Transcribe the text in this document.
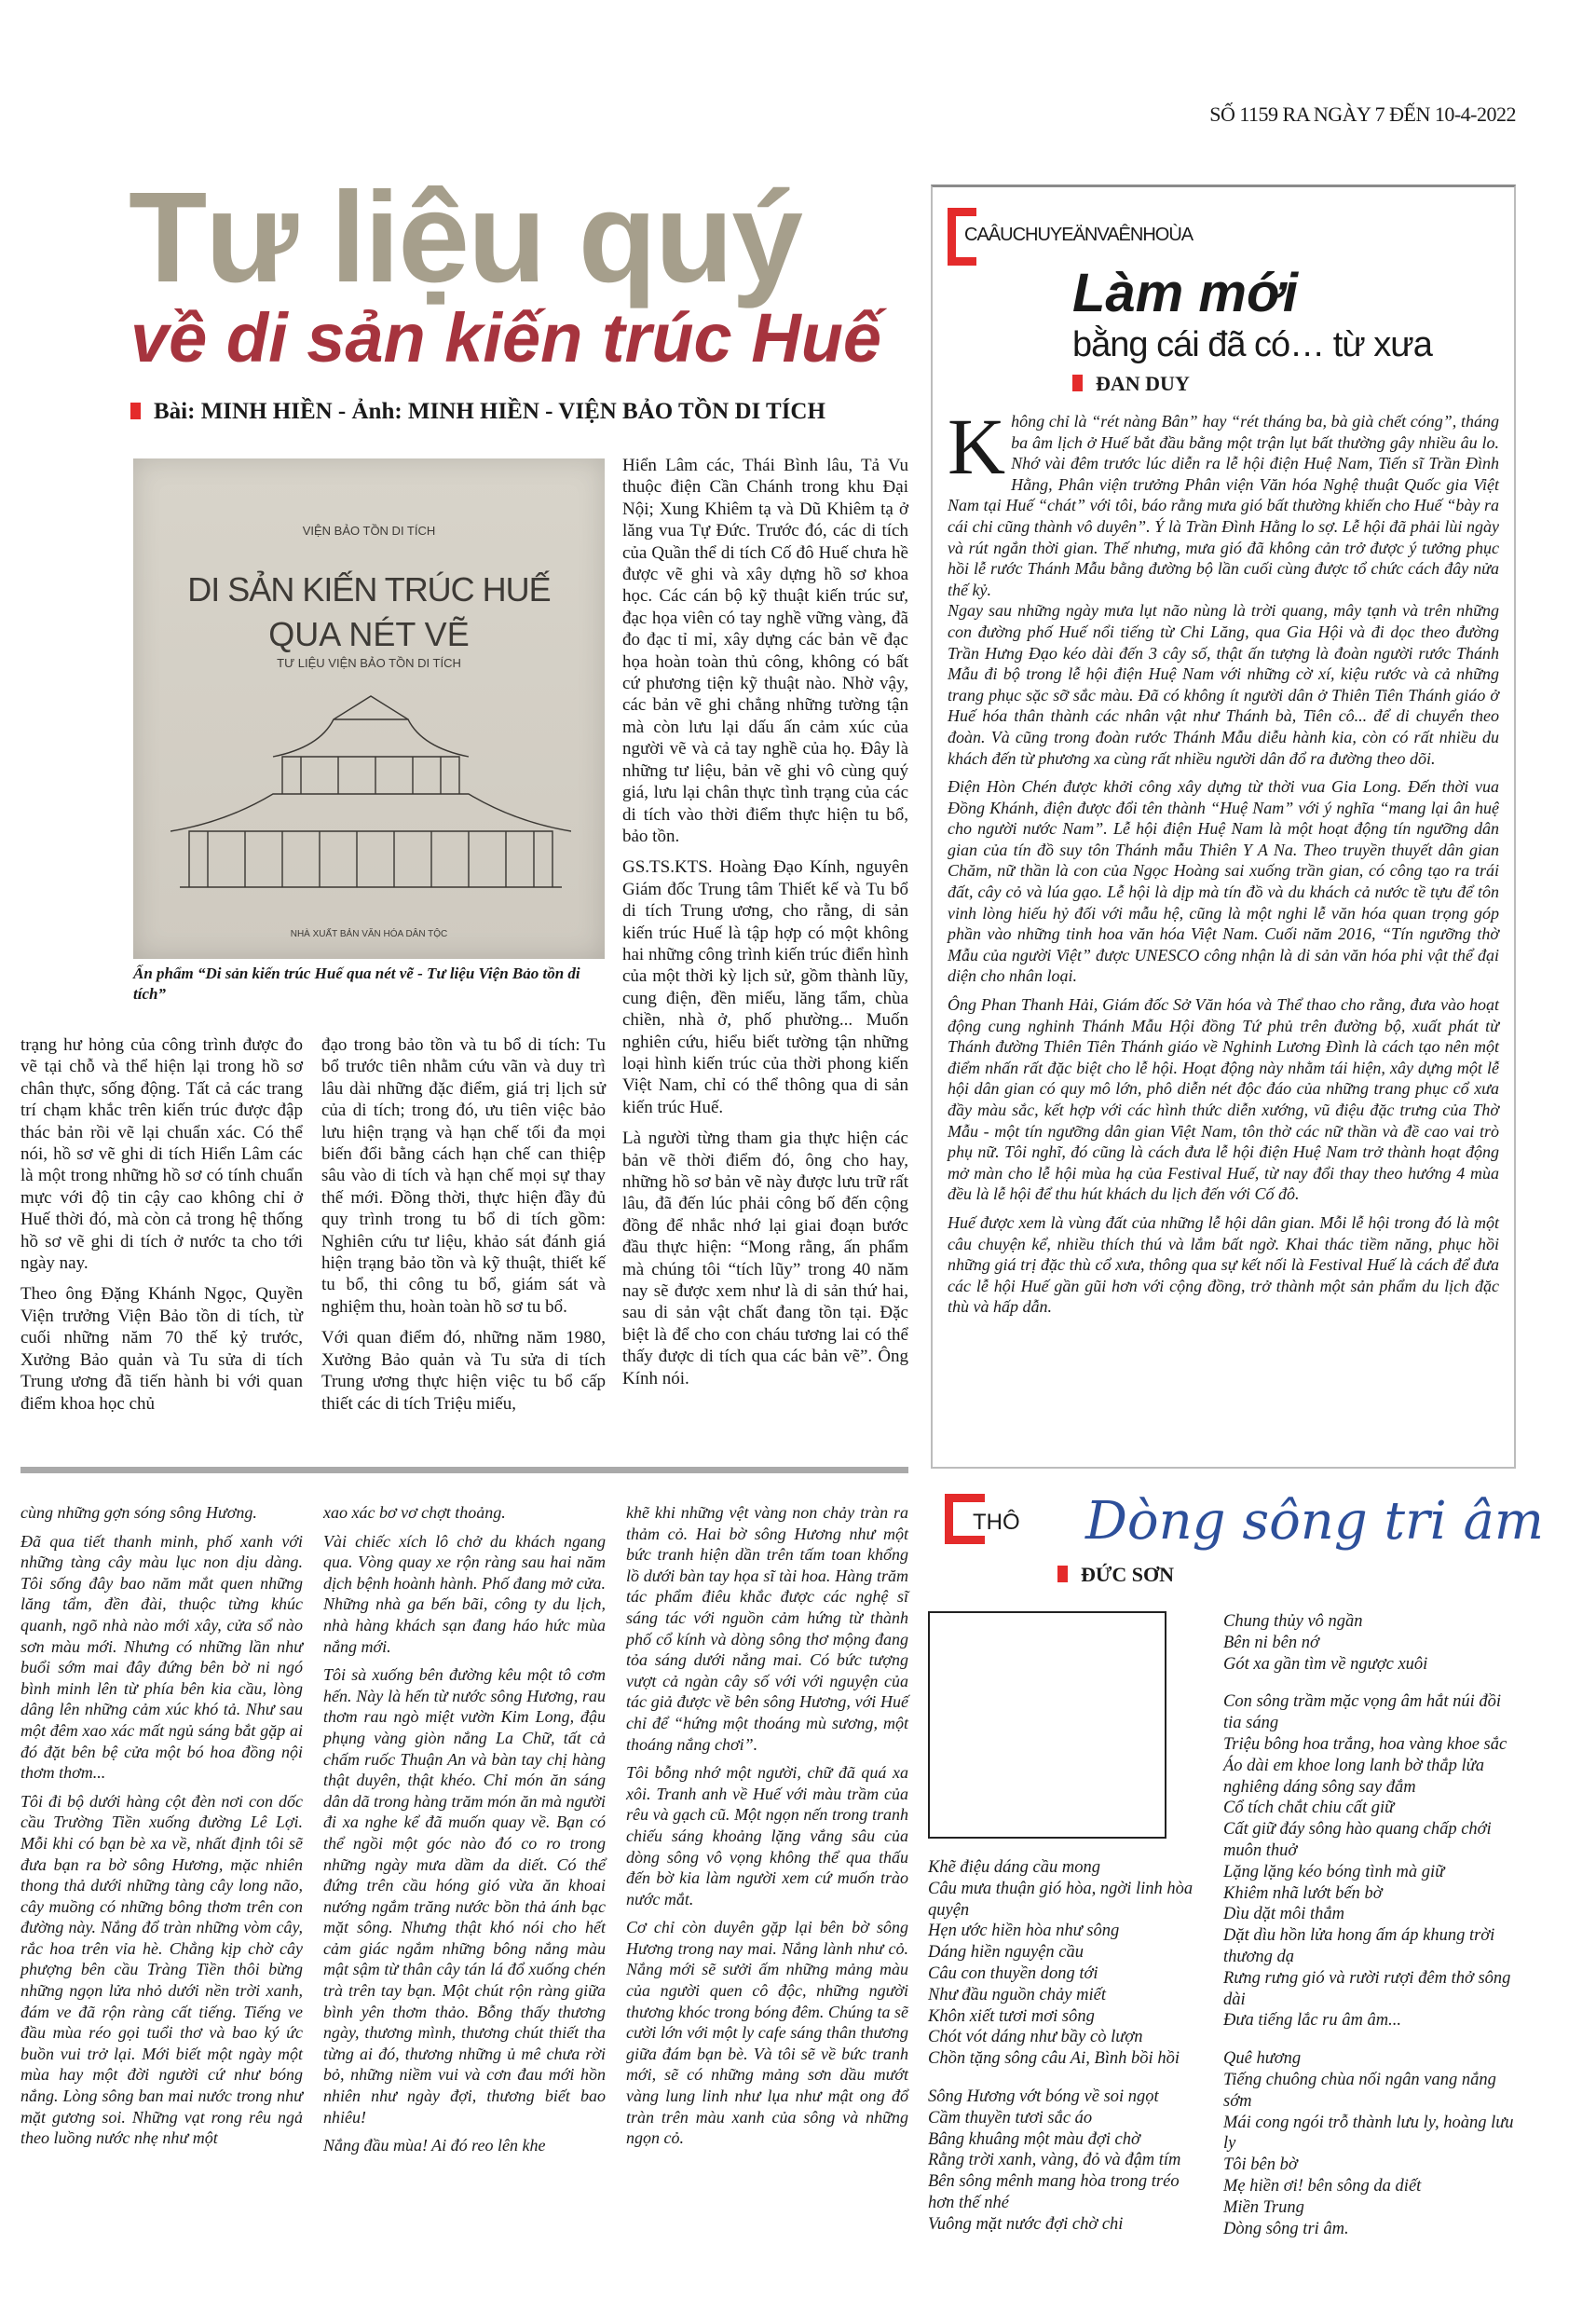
SỐ 1159 RA NGÀY 7 ĐẾN 10-4-2022
Tư liệu quý
về di sản kiến trúc Huế
Bài: MINH HIỀN - Ảnh: MINH HIỀN - VIỆN BẢO TỒN DI TÍCH
VIỆN BẢO TỒN DI TÍCH
DI SẢN KIẾN TRÚC HUẾ
QUA NÉT VẼ
TƯ LIỆU VIỆN BẢO TỒN DI TÍCH
NHÀ XUẤT BẢN VĂN HÓA DÂN TỘC
Ấn phẩm “Di sản kiến trúc Huế qua nét vẽ - Tư liệu Viện Bảo tồn di tích”

Hiển Lâm các, Thái Bình lâu, Tả Vu thuộc điện Cần Chánh trong khu Đại Nội; Xung Khiêm tạ và Dũ Khiêm tạ ở lăng vua Tự Đức. Trước đó, các di tích của Quần thể di tích Cố đô Huế chưa hề được vẽ ghi và xây dựng hồ sơ khoa học. Các cán bộ kỹ thuật kiến trúc sư, đạc họa viên có tay nghề vững vàng, đã đo đạc tỉ mỉ, xây dựng các bản vẽ đạc họa hoàn toàn thủ công, không có bất cứ phương tiện kỹ thuật nào. Nhờ vậy, các bản vẽ ghi chẳng những tường tận mà còn lưu lại dấu ấn cảm xúc của người vẽ và cả tay nghề của họ. Đây là những tư liệu, bản vẽ ghi vô cùng quý giá, lưu lại chân thực tình trạng của các di tích vào thời điểm thực hiện tu bổ, bảo tồn.

GS.TS.KTS. Hoàng Đạo Kính, nguyên Giám đốc Trung tâm Thiết kế và Tu bổ di tích Trung ương, cho rằng, di sản kiến trúc Huế là tập hợp có một không hai những công trình kiến trúc điển hình của một thời kỳ lịch sử, gồm thành lũy, cung điện, đền miếu, lăng tẩm, chùa chiền, nhà ở, phố phường... Muốn nghiên cứu, hiểu biết tường tận những loại hình kiến trúc của thời phong kiến Việt Nam, chỉ có thể thông qua di sản kiến trúc Huế.

Là người từng tham gia thực hiện các bản vẽ thời điểm đó, ông cho hay, những hồ sơ bản vẽ này được lưu trữ rất lâu, đã đến lúc phải công bố đến cộng đồng để nhắc nhớ lại giai đoạn bước đầu thực hiện: “Mong rằng, ấn phẩm mà chúng tôi “tích lũy” trong 40 năm nay sẽ được xem như là di sản thứ hai, sau di sản vật chất đang tồn tại. Đặc biệt là để cho con cháu tương lai có thể thấy được di tích qua các bản vẽ”. Ông Kính nói.

trạng hư hỏng của công trình được đo vẽ tại chỗ và thể hiện lại trong hồ sơ chân thực, sống động. Tất cả các trang trí chạm khắc trên kiến trúc được đập thác bản rồi vẽ lại chuẩn xác. Có thể nói, hồ sơ vẽ ghi di tích Hiển Lâm các là một trong những hồ sơ có tính chuẩn mực với độ tin cậy cao không chỉ ở Huế thời đó, mà còn cả trong hệ thống hồ sơ vẽ ghi di tích ở nước ta cho tới ngày nay.

Theo ông Đặng Khánh Ngọc, Quyền Viện trưởng Viện Bảo tồn di tích, từ cuối những năm 70 thế kỷ trước, Xưởng Bảo quản và Tu sửa di tích Trung ương đã tiến hành bi với quan điểm khoa học chủ

đạo trong bảo tồn và tu bổ di tích: Tu bổ trước tiên nhằm cứu vãn và duy trì lâu dài những đặc điểm, giá trị lịch sử của di tích; trong đó, ưu tiên việc bảo lưu hiện trạng và hạn chế tối đa mọi biến đổi bằng cách hạn chế can thiệp sâu vào di tích và hạn chế mọi sự thay thế mới. Đồng thời, thực hiện đầy đủ quy trình trong tu bổ di tích gồm: Nghiên cứu tư liệu, khảo sát đánh giá hiện trạng bảo tồn và kỹ thuật, thiết kế tu bổ, thi công tu bổ, giám sát và nghiệm thu, hoàn toàn hồ sơ tu bổ.

Với quan điểm đó, những năm 1980, Xưởng Bảo quản và Tu sửa di tích Trung ương thực hiện việc tu bổ cấp thiết các di tích Triệu miếu,

CAÂUCHUYEÄNVAÊNHOÙA
Làm mới
bằng cái đã có… từ xưa
ĐAN DUY
K hông chỉ là “rét nàng Bân” hay “rét tháng ba, bà già chết cóng”, tháng ba âm lịch ở Huế bắt đầu bằng một trận lụt bất thường gây nhiều âu lo. Nhớ vài đêm trước lúc diễn ra lễ hội điện Huệ Nam, Tiến sĩ Trần Đình Hằng, Phân viện trưởng Phân viện Văn hóa Nghệ thuật Quốc gia Việt Nam tại Huế “chát” với tôi, báo rằng mưa gió bất thường khiến cho Huế “bày ra cái chi cũng thành vô duyên”. Ý là Trần Đình Hằng lo sợ. Lễ hội đã phải lùi ngày và rút ngắn thời gian. Thế nhưng, mưa gió đã không cản trở được ý tưởng phục hồi lễ rước Thánh Mẫu bằng đường bộ lần cuối cùng được tổ chức cách đây nửa thế kỷ.

Ngay sau những ngày mưa lụt não nùng là trời quang, mây tạnh và trên những con đường phố Huế nổi tiếng từ Chi Lăng, qua Gia Hội và đi dọc theo đường Trần Hưng Đạo kéo dài đến 3 cây số, thật ấn tượng là đoàn người rước Thánh Mẫu đi bộ trong lễ hội điện Huệ Nam với những cờ xí, kiệu rước và cả những trang phục sặc sỡ sắc màu. Đã có không ít người dân ở Thiên Tiên Thánh giáo ở Huế hóa thân thành các nhân vật như Thánh bà, Tiên cô... để di chuyển theo đoàn. Và cũng trong đoàn rước Thánh Mẫu diễu hành kia, còn có rất nhiều du khách đến từ phương xa cùng rất nhiều người dân đổ ra đường theo dõi.

Điện Hòn Chén được khởi công xây dựng từ thời vua Gia Long. Đến thời vua Đồng Khánh, điện được đổi tên thành “Huệ Nam” với ý nghĩa “mang lại ân huệ cho người nước Nam”. Lễ hội điện Huệ Nam là một hoạt động tín ngưỡng dân gian của tín đồ suy tôn Thánh mẫu Thiên Y A Na. Theo truyền thuyết dân gian Chăm, nữ thần là con của Ngọc Hoàng sai xuống trần gian, có công tạo ra trái đất, cây cỏ và lúa gạo. Lễ hội là dịp mà tín đồ và du khách cả nước tề tựu để tôn vinh lòng hiếu hỷ đối với mẫu hệ, cũng là một nghi lễ văn hóa quan trọng góp phần vào những tinh hoa văn hóa Việt Nam. Cuối năm 2016, “Tín ngưỡng thờ Mẫu của người Việt” được UNESCO công nhận là di sản văn hóa phi vật thể đại diện cho nhân loại.

Ông Phan Thanh Hải, Giám đốc Sở Văn hóa và Thể thao cho rằng, đưa vào hoạt động cung nghinh Thánh Mẫu Hội đồng Tứ phủ trên đường bộ, xuất phát từ Thánh đường Thiên Tiên Thánh giáo về Nghinh Lương Đình là cách tạo nên một điểm nhấn rất đặc biệt cho lễ hội. Hoạt động này nhằm tái hiện, xây dựng một lễ hội dân gian có quy mô lớn, phô diễn nét độc đáo của những trang phục cổ xưa đầy màu sắc, kết hợp với các hình thức diễn xướng, vũ điệu đặc trưng của Thờ Mẫu - một tín ngưỡng dân gian Việt Nam, tôn thờ các nữ thần và đề cao vai trò phụ nữ. Tôi nghĩ, đó cũng là cách đưa lễ hội điện Huệ Nam trở thành hoạt động mở màn cho lễ hội mùa hạ của Festival Huế, từ nay đổi thay theo hướng 4 mùa đều là lễ hội để thu hút khách du lịch đến với Cố đô.

Huế được xem là vùng đất của những lễ hội dân gian. Mỗi lễ hội trong đó là một câu chuyện kể, nhiều thích thú và lắm bất ngờ. Khai thác tiềm năng, phục hồi những giá trị đặc thù cổ xưa, thông qua sự kết nối là Festival Huế là cách để đưa các lễ hội Huế gần gũi hơn với cộng đồng, trở thành một sản phẩm du lịch đặc thù và hấp dẫn.

cùng những gợn sóng sông Hương.

Đã qua tiết thanh minh, phố xanh với những tàng cây màu lục non dịu dàng. Tôi sống đây bao năm mắt quen những lăng tẩm, đền đài, thuộc từng khúc quanh, ngõ nhà nào mới xây, cửa sổ nào sơn màu mới. Nhưng có những lần như buổi sớm mai đây đứng bên bờ ni ngó bình minh lên từ phía bên kia cầu, lòng dâng lên những cảm xúc khó tả. Như sau một đêm xao xác mất ngủ sáng bắt gặp ai đó đặt bên bệ cửa một bó hoa đồng nội thơm thơm...

Tôi đi bộ dưới hàng cột đèn nơi con dốc cầu Trường Tiền xuống đường Lê Lợi. Mỗi khi có bạn bè xa về, nhất định tôi sẽ đưa bạn ra bờ sông Hương, mặc nhiên thong thả dưới những tàng cây long não, cây muồng có những bông thơm trên con đường này. Nắng đổ tràn những vòm cây, rắc hoa trên vỉa hè. Chẳng kịp chờ cây phượng bên cầu Tràng Tiền thôi bừng những ngọn lửa nhỏ dưới nền trời xanh, đám ve đã rộn ràng cất tiếng. Tiếng ve đầu mùa réo gọi tuổi thơ và bao ký ức buồn vui trở lại. Mới biết một ngày một mùa hay một đời người cứ như bóng nắng. Lòng sông ban mai nước trong như mặt gương soi. Những vạt rong rêu ngả theo luồng nước nhẹ như một

xao xác bơ vơ chợt thoảng.

Vài chiếc xích lô chở du khách ngang qua. Vòng quay xe rộn ràng sau hai năm dịch bệnh hoành hành. Phố đang mở cửa. Những nhà ga bến bãi, công ty du lịch, nhà hàng khách sạn đang háo hức mùa nắng mới.

Tôi sà xuống bên đường kêu một tô cơm hến. Này là hến từ nước sông Hương, rau thơm rau ngò miệt vườn Kim Long, đậu phụng vàng giòn nắng La Chữ, tất cả chấm ruốc Thuận An và bàn tay chị hàng thật duyên, thật khéo. Chỉ món ăn sáng dân dã trong hàng trăm món ăn mà người đi xa nghe kể đã muốn quay về. Bạn có thể ngồi một góc nào đó co ro trong những ngày mưa dầm da diết. Có thể đứng trên cầu hóng gió vừa ăn khoai nướng ngắm trăng nước bồn thả ánh bạc mặt sông. Nhưng thật khó nói cho hết cảm giác ngắm những bông nắng màu mật sậm từ thân cây tán lá đổ xuống chén trà trên tay bạn. Một chút rộn ràng giữa bình yên thơm thảo. Bỗng thấy thương ngày, thương mình, thương chút thiết tha từng ai đó, thương những ủ mê chưa rời bỏ, những niềm vui và cơn đau mới hồn nhiên như ngày đợi, thương biết bao nhiêu!

Nắng đầu mùa! Ai đó reo lên khe

khẽ khi những vệt vàng non chảy tràn ra thảm cỏ. Hai bờ sông Hương như một bức tranh hiện dần trên tấm toan khổng lồ dưới bàn tay họa sĩ tài hoa. Hàng trăm tác phẩm điêu khắc được các nghệ sĩ sáng tác với nguồn cảm hứng từ thành phố cổ kính và dòng sông thơ mộng đang tỏa sáng dưới nắng mai. Có bức tượng vượt cả ngàn cây số với với nguyện của tác giả được về bên sông Hương, với Huế chỉ để “hứng một thoáng mù sương, một thoáng nắng chơi”.

Tôi bỗng nhớ một người, chữ đã quá xa xôi. Tranh anh về Huế với màu trầm của rêu và gạch cũ. Một ngọn nến trong tranh chiếu sáng khoảng lặng vắng sâu của dòng sông vô vọng không thể qua thấu đến bờ kia làm người xem cứ muốn trào nước mắt.

Cơ chỉ còn duyên gặp lại bên bờ sông Hương trong nay mai. Nắng lành như cỏ. Nắng mới sẽ sưởi ấm những mảng màu của người quen cô độc, những người thương khóc trong bóng đêm. Chúng ta sẽ cười lớn với một ly cafe sáng thân thương giữa đám bạn bè. Và tôi sẽ về bức tranh mới, sẽ có những mảng sơn dầu mướt vàng lung linh như lụa như mật ong đổ tràn trên màu xanh của sông và những ngọn cỏ.

THÔ Dòng sông tri âm
ĐỨC SƠN
Khẽ điệu dáng cầu mong
Câu mưa thuận gió hòa, ngời linh hòa quyện
Hẹn ước hiền hòa như sông
Dáng hiền nguyện cầu
Câu con thuyền dong tới
Như đầu nguồn chảy miết
Khôn xiết tươi mơi sông
Chót vót dáng như bầy cò lượn
Chồn tặng sông câu Ai, Bình bồi hồi
Sông Hương vớt bóng về soi ngọt
Cầm thuyền tươi sắc áo
Bâng khuâng một màu đợi chờ
Rằng trời xanh, vàng, đỏ và đậm tím
Bên sông mênh mang hòa trong tréo hơn thế nhé
Vuông mặt nước đợi chờ chi
Chung thủy vô ngần
Bên ni bên nớ
Gót xa gần tìm về ngược xuôi
Con sông trầm mặc vọng âm hắt núi đồi tia sáng
Triệu bông hoa trắng, hoa vàng khoe sắc
Áo dài em khoe long lanh bờ thắp lửa nghiêng dáng sông say đắm
Cổ tích chắt chiu cất giữ
Cất giữ đáy sông hào quang chấp chới muôn thuở
Lặng lặng kéo bóng tình mà giữ
Khiêm nhã lướt bến bờ
Dìu dặt môi thắm
Dặt dìu hồn lửa hong ấm áp khung trời thương dạ
Rưng rưng gió và rười rượi đêm thở sông dài
Đưa tiếng lắc ru âm âm...
Quê hương
Tiếng chuông chùa nối ngân vang nắng sớm
Mái cong ngói trỗ thành lưu ly, hoàng lưu ly
Tôi bên bờ
Mẹ hiền ơi! bên sông da diết
Miền Trung
Dòng sông tri âm.
